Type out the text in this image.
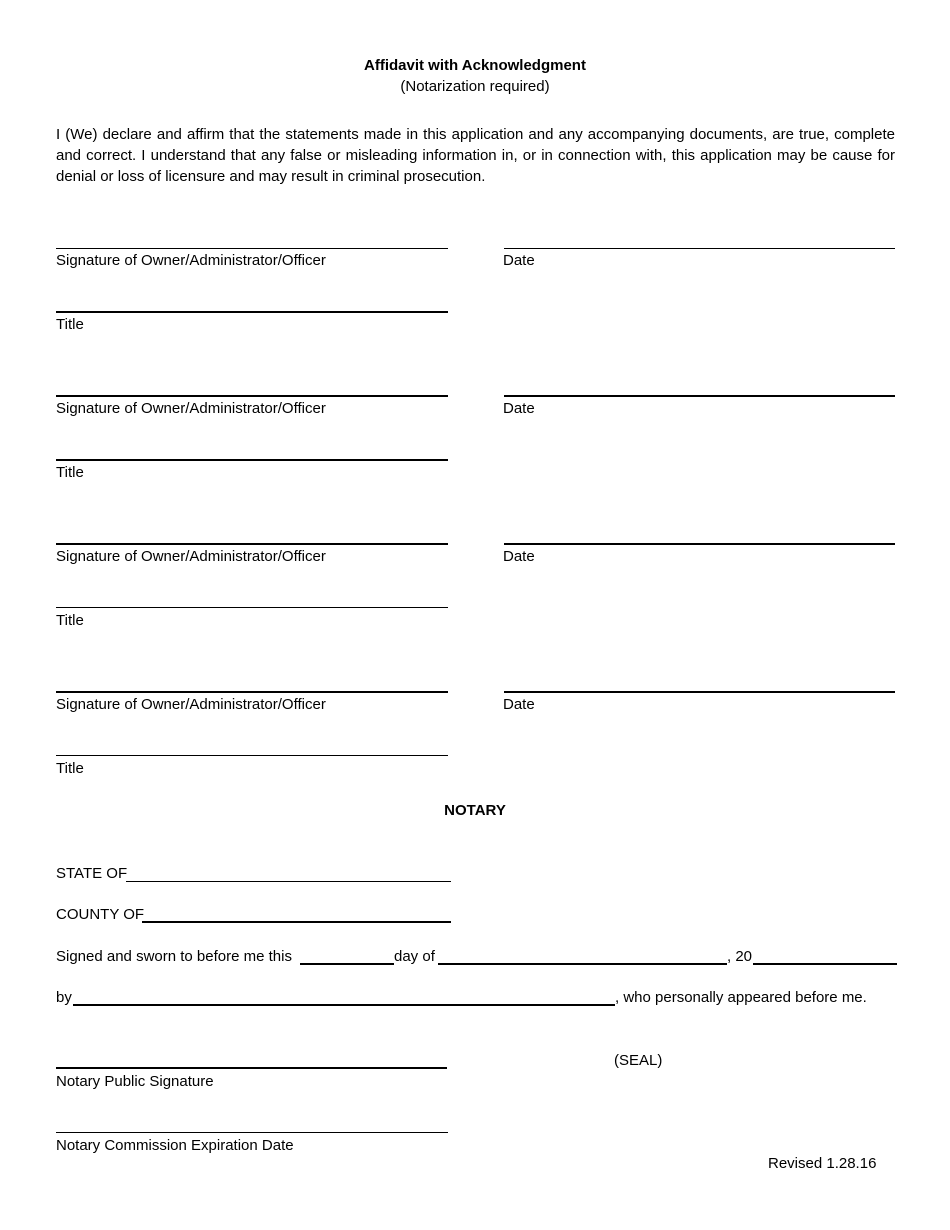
Affidavit with Acknowledgment
(Notarization required)
I (We) declare and affirm that the statements made in this application and any accompanying documents, are true, complete and correct. I understand that any false or misleading information in, or in connection with, this application may be cause for denial or loss of licensure and may result in criminal prosecution.
Signature of Owner/Administrator/Officer	Date
Title
Signature of Owner/Administrator/Officer	Date
Title
Signature of Owner/Administrator/Officer	Date
Title
Signature of Owner/Administrator/Officer	Date
Title
NOTARY
STATE OF
COUNTY OF
Signed and sworn to before me this	day of	, 20
by	, who personally appeared before me.
(SEAL)
Notary Public Signature
Notary Commission Expiration Date
Revised 1.28.16
